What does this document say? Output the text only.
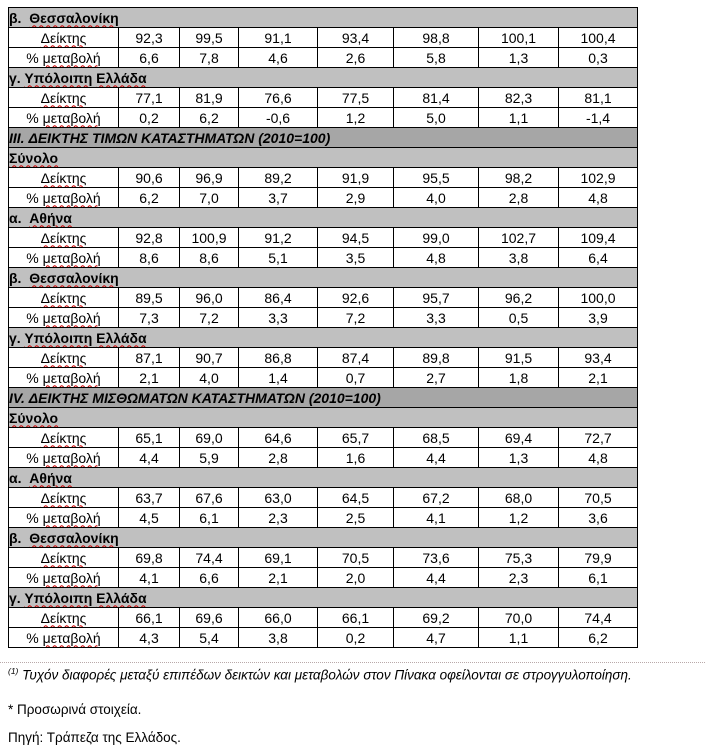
β.  Θεσσαλονίκη							
Δείκτης	92,3	99,5	91,1	93,4	98,8	100,1	100,4
% μεταβολή	6,6	7,8	4,6	2,6	5,8	1,3	0,3
γ. Υπόλοιπη Ελλάδα							
Δείκτης	77,1	81,9	76,6	77,5	81,4	82,3	81,1
% μεταβολή	0,2	6,2	-0,6	1,2	5,0	1,1	-1,4
III. ΔΕΙΚΤΗΣ ΤΙΜΩΝ ΚΑΤΑΣΤΗΜΑΤΩΝ (2010=100)							
Σύνολο							
Δείκτης	90,6	96,9	89,2	91,9	95,5	98,2	102,9
% μεταβολή	6,2	7,0	3,7	2,9	4,0	2,8	4,8
α.  Αθήνα							
Δείκτης	92,8	100,9	91,2	94,5	99,0	102,7	109,4
% μεταβολή	8,6	8,6	5,1	3,5	4,8	3,8	6,4
β.  Θεσσαλονίκη							
Δείκτης	89,5	96,0	86,4	92,6	95,7	96,2	100,0
% μεταβολή	7,3	7,2	3,3	7,2	3,3	0,5	3,9
γ. Υπόλοιπη Ελλάδα							
Δείκτης	87,1	90,7	86,8	87,4	89,8	91,5	93,4
% μεταβολή	2,1	4,0	1,4	0,7	2,7	1,8	2,1
IV. ΔΕΙΚΤΗΣ ΜΙΣΘΩΜΑΤΩΝ ΚΑΤΑΣΤΗΜΑΤΩΝ (2010=100)							
Σύνολο							
Δείκτης	65,1	69,0	64,6	65,7	68,5	69,4	72,7
% μεταβολή	4,4	5,9	2,8	1,6	4,4	1,3	4,8
α.  Αθήνα							
Δείκτης	63,7	67,6	63,0	64,5	67,2	68,0	70,5
% μεταβολή	4,5	6,1	2,3	2,5	4,1	1,2	3,6
β.  Θεσσαλονίκη							
Δείκτης	69,8	74,4	69,1	70,5	73,6	75,3	79,9
% μεταβολή	4,1	6,6	2,1	2,0	4,4	2,3	6,1
γ. Υπόλοιπη Ελλάδα							
Δείκτης	66,1	69,6	66,0	66,1	69,2	70,0	74,4
% μεταβολή	4,3	5,4	3,8	0,2	4,7	1,1	6,2
$^{(1)}$ Τυχόν διαφορές μεταξύ επιπέδων δεικτών και μεταβολών στον Πίνακα οφείλονται σε στρογγυλοποίηση.
* Προσωρινά στοιχεία.
Πηγή: Τράπεζα της Ελλάδος.
